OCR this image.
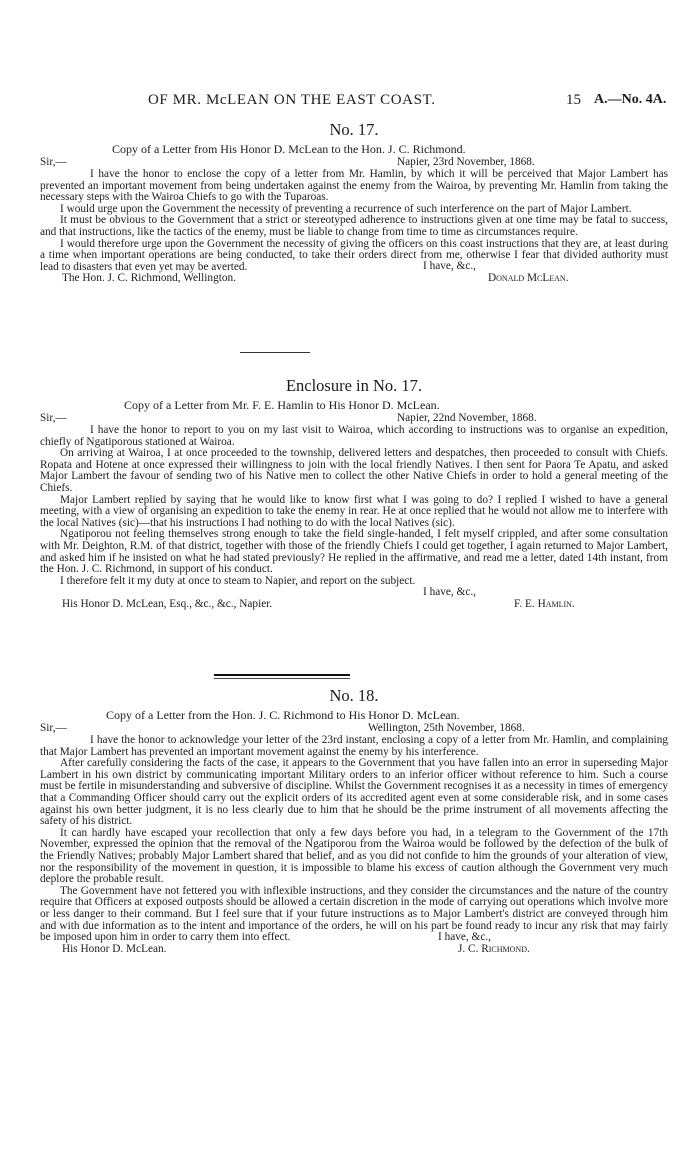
OF MR. McLEAN ON THE EAST COAST.	15 A.—No. 4A.
No. 17.
Copy of a Letter from His Honor D. McLean to the Hon. J. C. Richmond.
Sir,—	Napier, 23rd November, 1868.

I have the honor to enclose the copy of a letter from Mr. Hamlin, by which it will be perceived that Major Lambert has prevented an important movement from being undertaken against the enemy from the Wairoa, by preventing Mr. Hamlin from taking the necessary steps with the Wairoa Chiefs to go with the Tuparoas.

I would urge upon the Government the necessity of preventing a recurrence of such interference on the part of Major Lambert.

It must be obvious to the Government that a strict or stereotyped adherence to instructions given at one time may be fatal to success, and that instructions, like the tactics of the enemy, must be liable to change from time to time as circumstances require.

I would therefore urge upon the Government the necessity of giving the officers on this coast instructions that they are, at least during a time when important operations are being conducted, to take their orders direct from me, otherwise I fear that divided authority must lead to disasters that even yet may be averted.	I have, &c.,
The Hon. J. C. Richmond, Wellington.	Donald McLean.
Enclosure in No. 17.
Copy of a Letter from Mr. F. E. Hamlin to His Honor D. McLean.
Sir,—	Napier, 22nd November, 1868.

I have the honor to report to you on my last visit to Wairoa, which according to instructions was to organise an expedition, chiefly of Ngatiporous stationed at Wairoa.

On arriving at Wairoa, I at once proceeded to the township, delivered letters and despatches, then proceeded to consult with Chiefs. Ropata and Hotene at once expressed their willingness to join with the local friendly Natives. I then sent for Paora Te Apatu, and asked Major Lambert the favour of sending two of his Native men to collect the other Native Chiefs in order to hold a general meeting of the Chiefs.

Major Lambert replied by saying that he would like to know first what I was going to do? I replied I wished to have a general meeting, with a view of organising an expedition to take the enemy in rear. He at once replied that he would not allow me to interfere with the local Natives (sic)—that his instructions I had nothing to do with the local Natives (sic).

Ngatiporou not feeling themselves strong enough to take the field single-handed, I felt myself crippled, and after some consultation with Mr. Deighton, R.M. of that district, together with those of the friendly Chiefs I could get together, I again returned to Major Lambert, and asked him if he insisted on what he had stated previously? He replied in the affirmative, and read me a letter, dated 14th instant, from the Hon. J. C. Richmond, in support of his conduct.

I therefore felt it my duty at once to steam to Napier, and report on the subject.

I have, &c.,
His Honor D. McLean, Esq., &c., &c., Napier.	F. E. Hamlin.
No. 18.
Copy of a Letter from the Hon. J. C. Richmond to His Honor D. McLean.
Sir,—	Wellington, 25th November, 1868.

I have the honor to acknowledge your letter of the 23rd instant, enclosing a copy of a letter from Mr. Hamlin, and complaining that Major Lambert has prevented an important movement against the enemy by his interference.

After carefully considering the facts of the case, it appears to the Government that you have fallen into an error in superseding Major Lambert in his own district by communicating important Military orders to an inferior officer without reference to him. Such a course must be fertile in misunderstanding and subversive of discipline. Whilst the Government recognises it as a necessity in times of emergency that a Commanding Officer should carry out the explicit orders of its accredited agent even at some considerable risk, and in some cases against his own better judgment, it is no less clearly due to him that he should be the prime instrument of all movements affecting the safety of his district.

It can hardly have escaped your recollection that only a few days before you had, in a telegram to the Government of the 17th November, expressed the opinion that the removal of the Ngatiporou from the Wairoa would be followed by the defection of the bulk of the Friendly Natives; probably Major Lambert shared that belief, and as you did not confide to him the grounds of your alteration of view, nor the responsibility of the movement in question, it is impossible to blame his excess of caution although the Government very much deplore the probable result.

The Government have not fettered you with inflexible instructions, and they consider the circumstances and the nature of the country require that Officers at exposed outposts should be allowed a certain discretion in the mode of carrying out operations which involve more or less danger to their command. But I feel sure that if your future instructions as to Major Lambert's district are conveyed through him and with due information as to the intent and importance of the orders, he will on his part be found ready to incur any risk that may fairly be imposed upon him in order to carry them into effect.	I have, &c.,
His Honor D. McLean.	J. C. Richmond.
